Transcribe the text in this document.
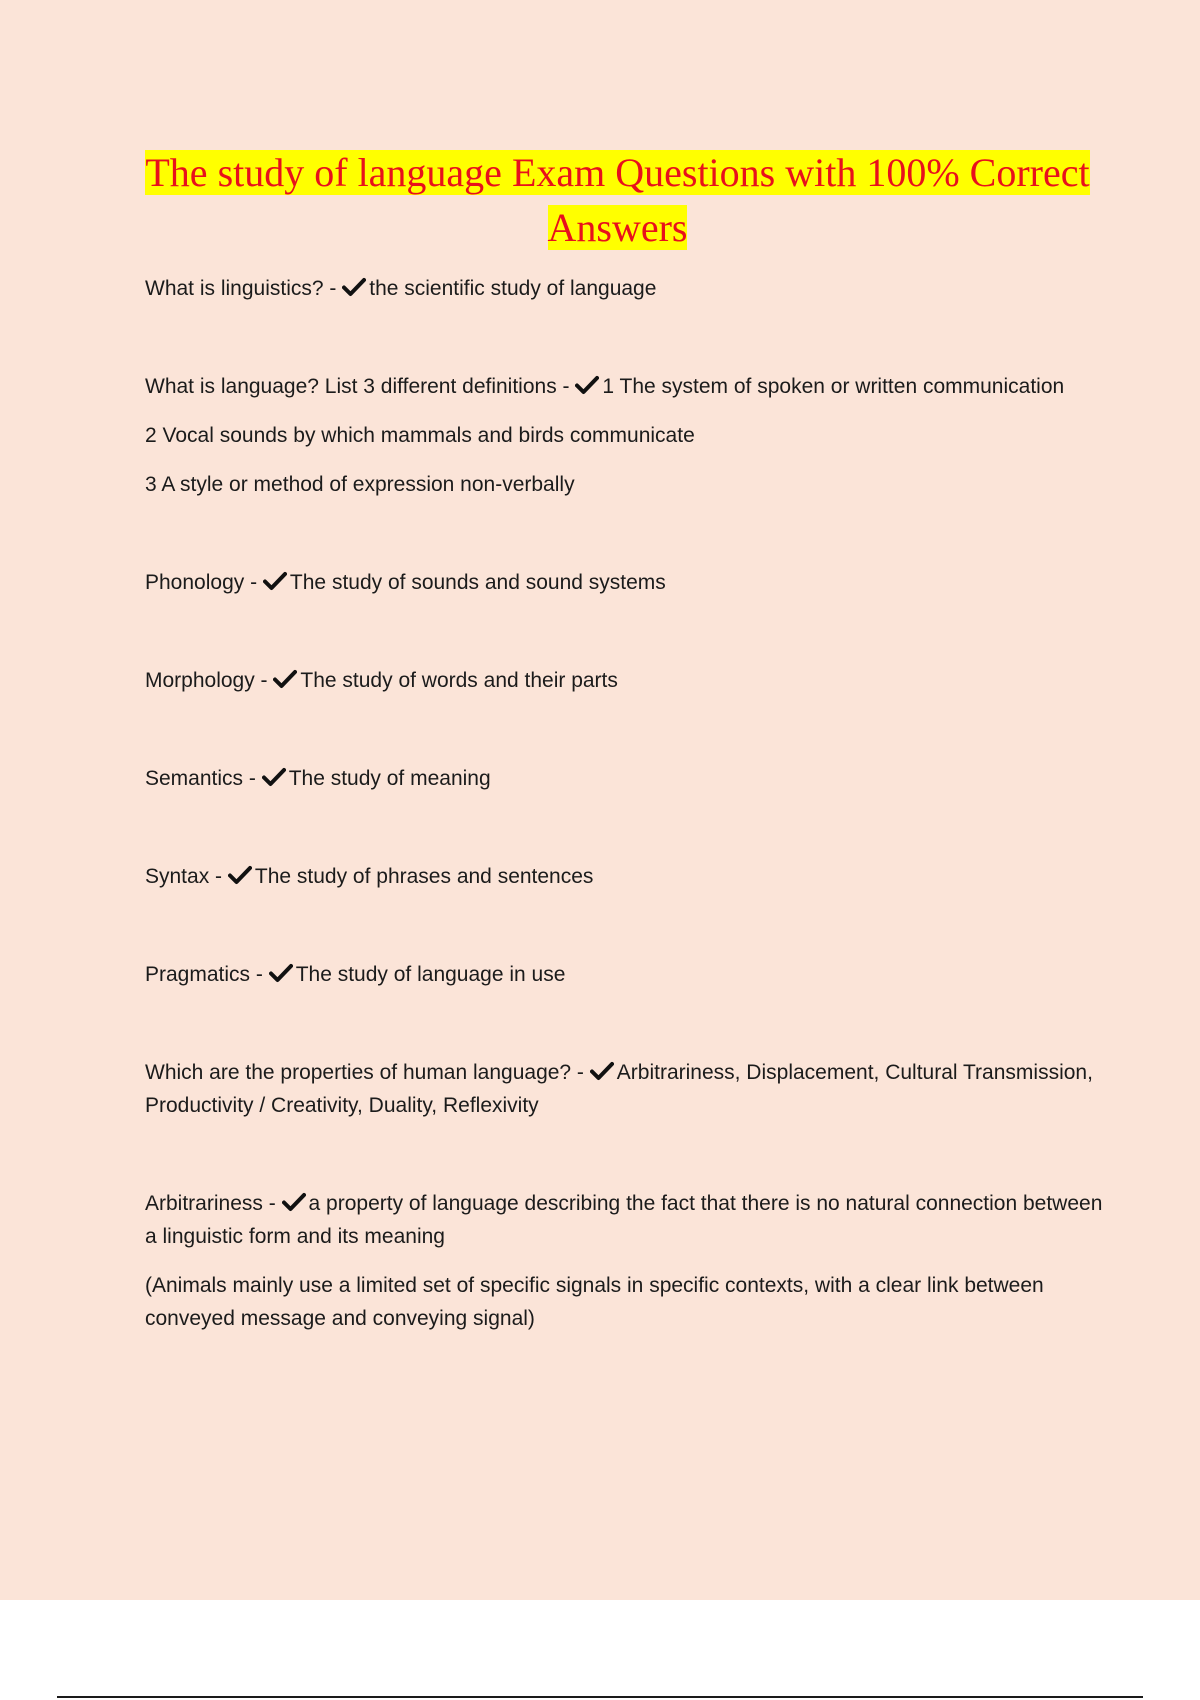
The study of language Exam Questions with 100% Correct Answers

What is linguistics? -
the scientific study of language

What is language? List 3 different definitions -
1 The system of spoken or written communication

2 Vocal sounds by which mammals and birds communicate

3 A style or method of expression non-verbally

Phonology -
The study of sounds and sound systems

Morphology -
The study of words and their parts

Semantics -
The study of meaning

Syntax -
The study of phrases and sentences

Pragmatics -
The study of language in use

Which are the properties of human language? -
Arbitrariness, Displacement, Cultural Transmission, Productivity / Creativity, Duality, Reflexivity

Arbitrariness -
a property of language describing the fact that there is no natural connection between a linguistic form and its meaning

(Animals mainly use a limited set of specific signals in specific contexts, with a clear link between conveyed message and conveying signal)
